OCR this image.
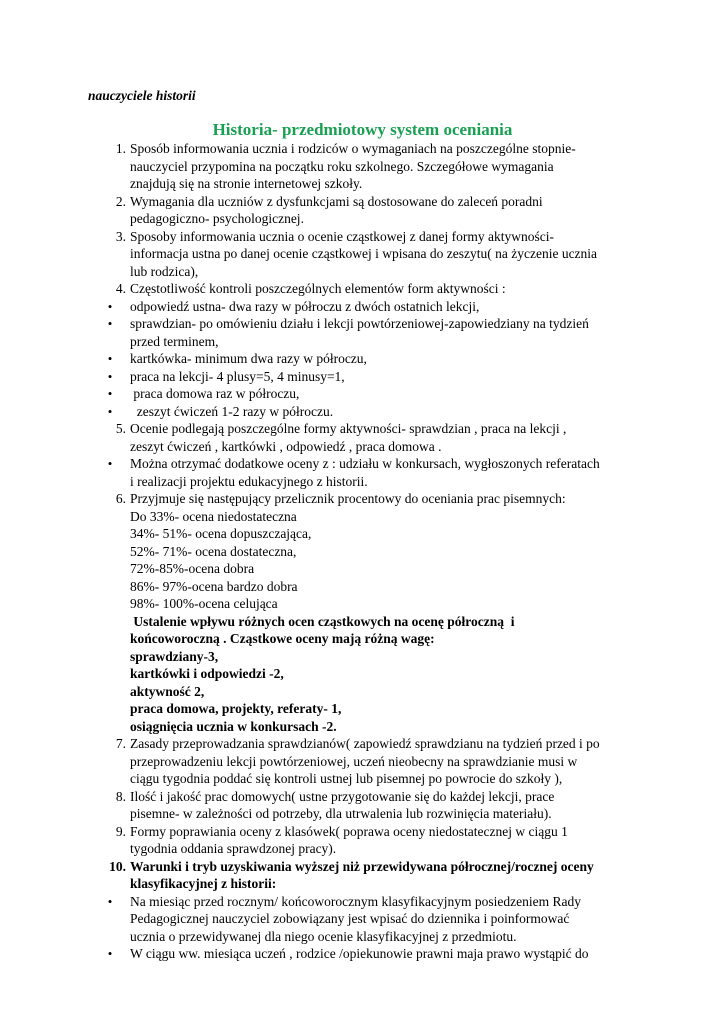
nauczyciele historii
Historia- przedmiotowy system oceniania
1. Sposób informowania ucznia i rodziców o wymaganiach na poszczególne stopnie-
nauczyciel przypomina na początku roku szkolnego. Szczegółowe wymagania
znajdują się na stronie internetowej szkoły.
2. Wymagania dla uczniów z dysfunkcjami są dostosowane do zaleceń poradni
pedagogiczno- psychologicznej.
3. Sposoby informowania ucznia o ocenie cząstkowej z danej formy aktywności-
informacja ustna po danej ocenie cząstkowej i wpisana do zeszytu( na życzenie ucznia
lub rodzica),
4. Częstotliwość kontroli poszczególnych elementów form aktywności :
• odpowiedź ustna- dwa razy w półroczu z dwóch ostatnich lekcji,
• sprawdzian- po omówieniu działu i lekcji powtórzeniowej-zapowiedziany na tydzień
przed terminem,
• kartkówka- minimum dwa razy w półroczu,
• praca na lekcji- 4 plusy=5, 4 minusy=1,
• praca domowa raz w półroczu,
• zeszyt ćwiczeń 1-2 razy w półroczu.
5. Ocenie podlegają poszczególne formy aktywności- sprawdzian , praca na lekcji ,
zeszyt ćwiczeń , kartkówki , odpowiedź , praca domowa .
• Można otrzymać dodatkowe oceny z : udziału w konkursach, wygłoszonych referatach
i realizacji projektu edukacyjnego z historii.
6. Przyjmuje się następujący przelicznik procentowy do oceniania prac pisemnych:
Do 33%- ocena niedostateczna
34%- 51%- ocena dopuszczająca,
52%- 71%- ocena dostateczna,
72%-85%-ocena dobra
86%- 97%-ocena bardzo dobra
98%- 100%-ocena celująca
Ustalenie wpływu różnych ocen cząstkowych na ocenę półroczną  i
końcoworoczną . Cząstkowe oceny mają różną wagę:
sprawdziany-3,
kartkówki i odpowiedzi -2,
aktywność 2,
praca domowa, projekty, referaty- 1,
osiągnięcia ucznia w konkursach -2.
7. Zasady przeprowadzania sprawdzianów( zapowiedź sprawdzianu na tydzień przed i po
przeprowadzeniu lekcji powtórzeniowej, uczeń nieobecny na sprawdzianie musi w
ciągu tygodnia poddać się kontroli ustnej lub pisemnej po powrocie do szkoły ),
8. Ilość i jakość prac domowych( ustne przygotowanie się do każdej lekcji, prace
pisemne- w zależności od potrzeby, dla utrwalenia lub rozwinięcia materiału).
9. Formy poprawiania oceny z klasówek( poprawa oceny niedostatecznej w ciągu 1
tygodnia oddania sprawdzonej pracy).
10. Warunki i tryb uzyskiwania wyższej niż przewidywana półrocznej/rocznej oceny
klasyfikacyjnej z historii:
• Na miesiąc przed rocznym/ końcoworocznym klasyfikacyjnym posiedzeniem Rady
Pedagogicznej nauczyciel zobowiązany jest wpisać do dziennika i poinformować
ucznia o przewidywanej dla niego ocenie klasyfikacyjnej z przedmiotu.
• W ciągu ww. miesiąca uczeń , rodzice /opiekunowie prawni maja prawo wystąpić do
